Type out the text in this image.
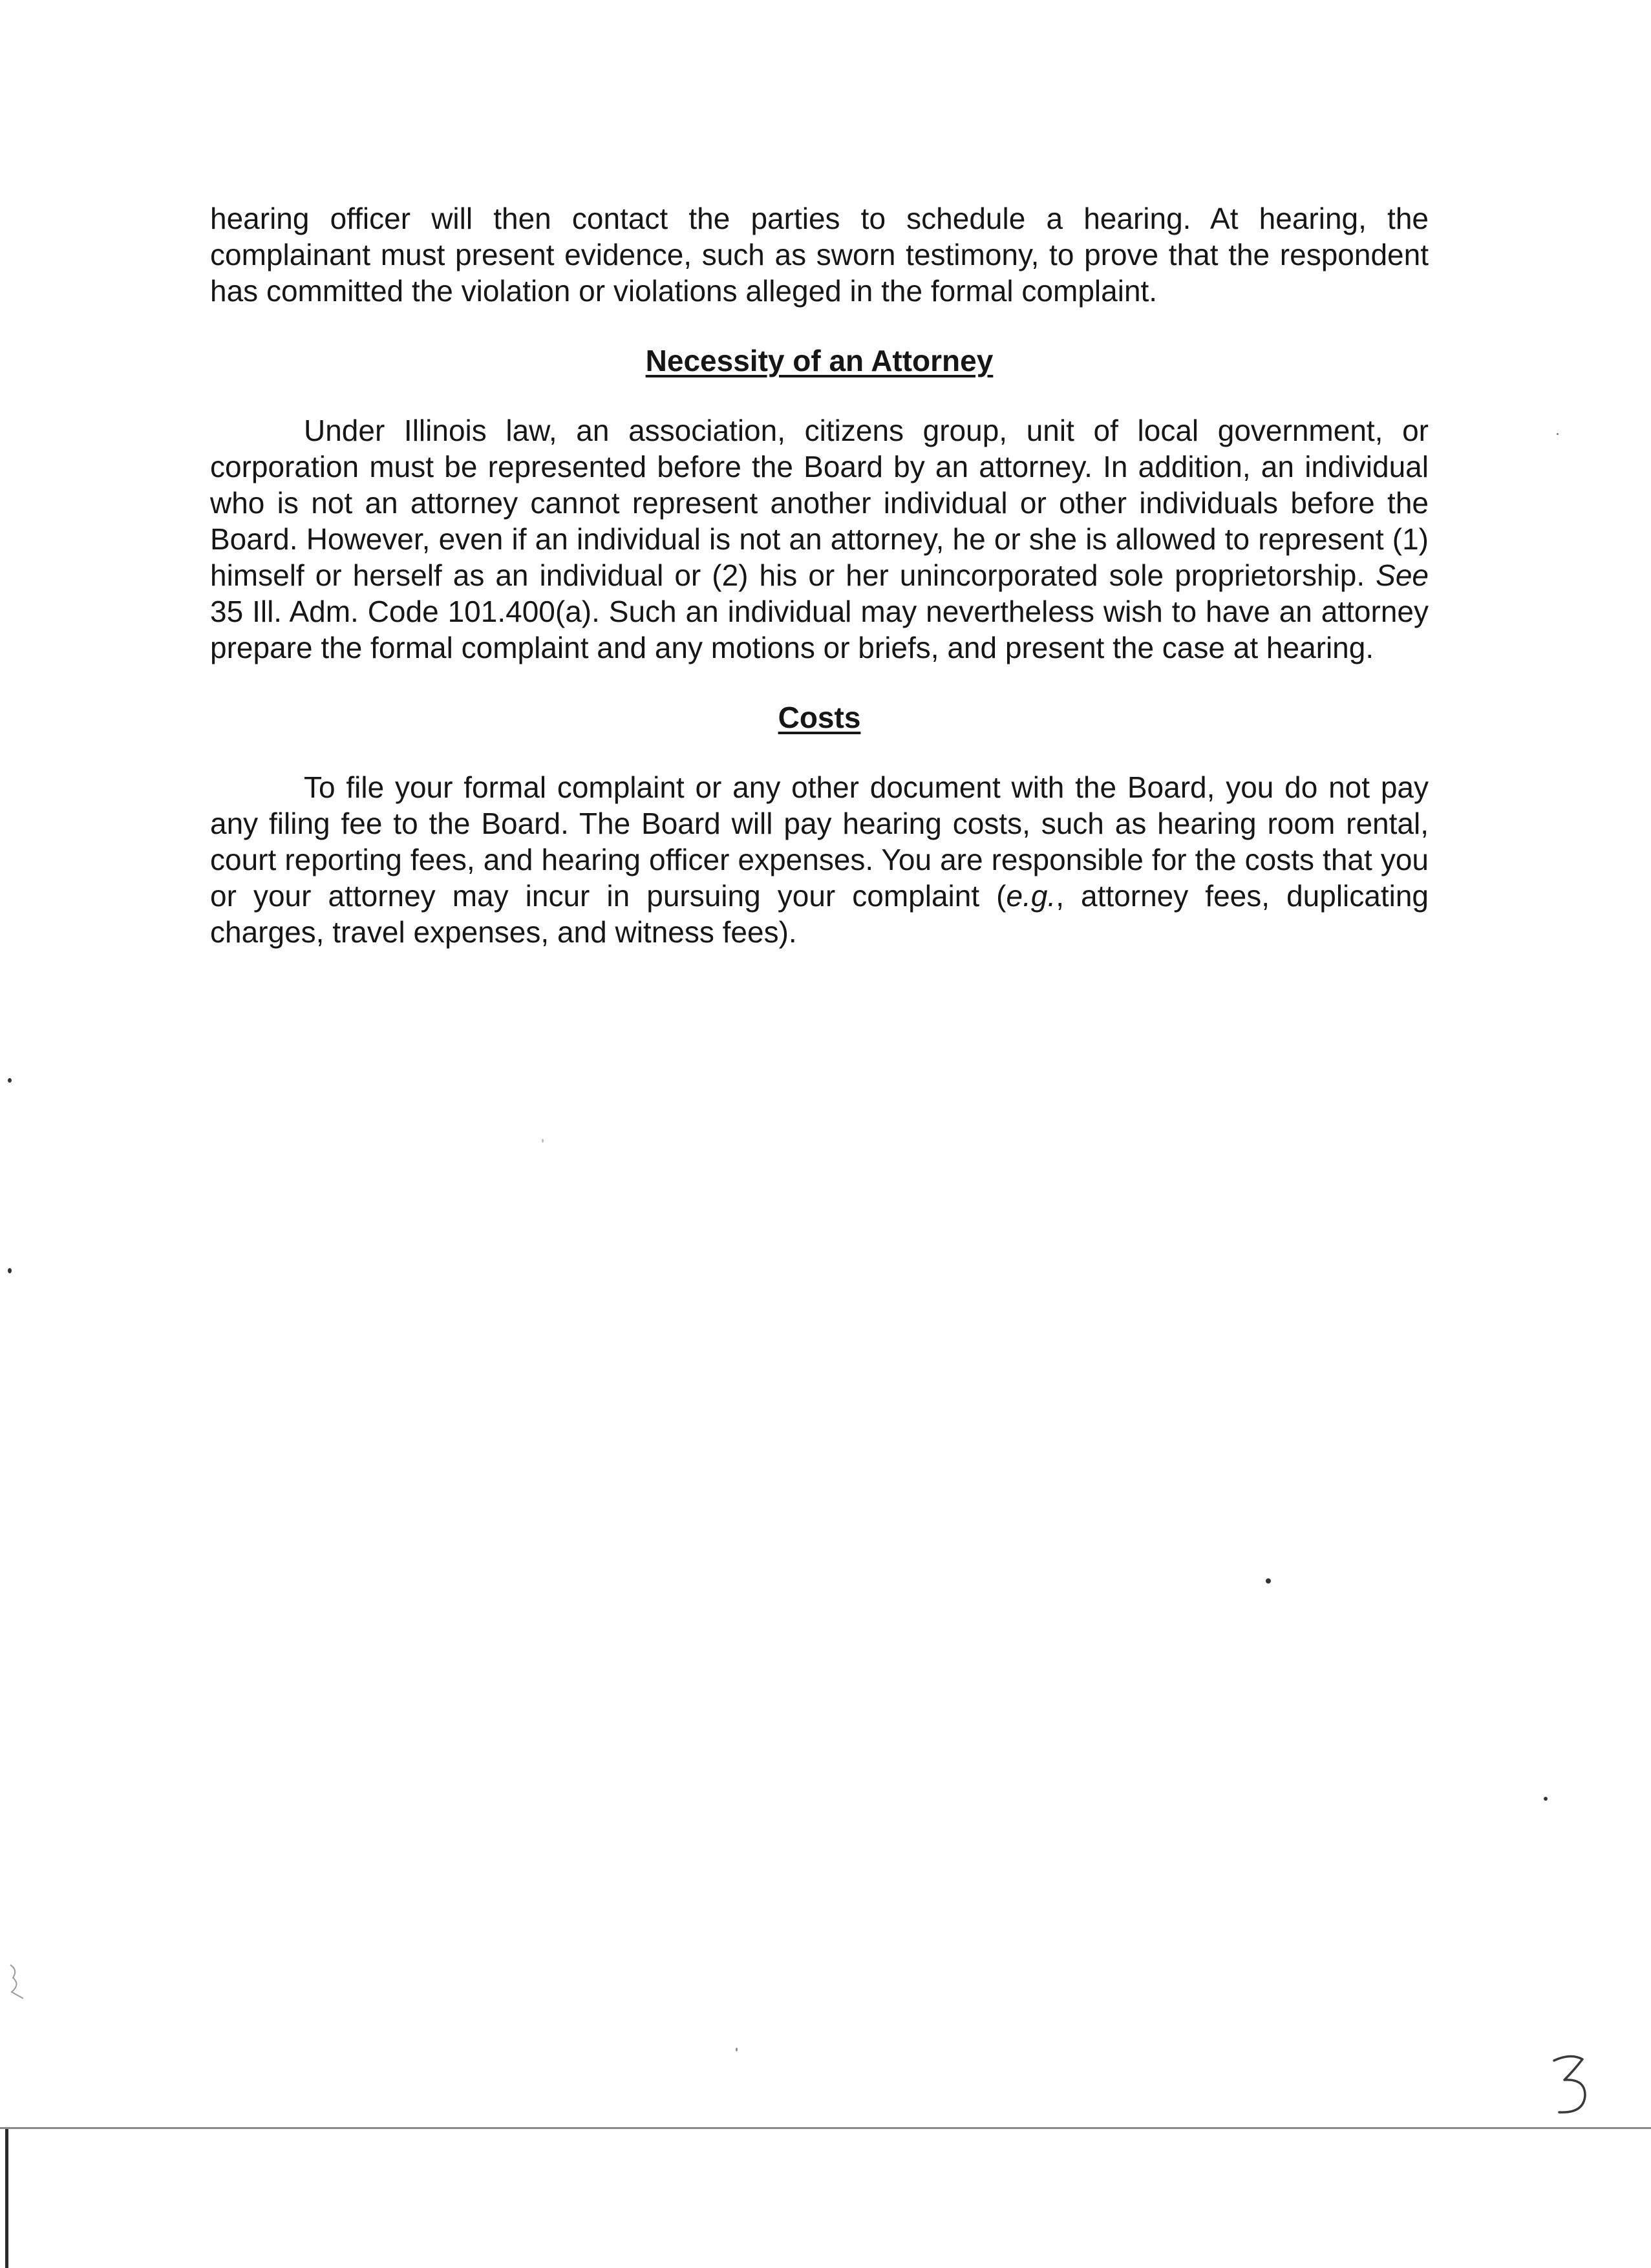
hearing officer will then contact the parties to schedule a hearing. At hearing, the complainant must present evidence, such as sworn testimony, to prove that the respondent has committed the violation or violations alleged in the formal complaint.

Necessity of an Attorney

Under Illinois law, an association, citizens group, unit of local government, or corporation must be represented before the Board by an attorney. In addition, an individual who is not an attorney cannot represent another individual or other individuals before the Board. However, even if an individual is not an attorney, he or she is allowed to represent (1) himself or herself as an individual or (2) his or her unincorporated sole proprietorship. See 35 Ill. Adm. Code 101.400(a). Such an individual may nevertheless wish to have an attorney prepare the formal complaint and any motions or briefs, and present the case at hearing.

Costs

To file your formal complaint or any other document with the Board, you do not pay any filing fee to the Board. The Board will pay hearing costs, such as hearing room rental, court reporting fees, and hearing officer expenses. You are responsible for the costs that you or your attorney may incur in pursuing your complaint (e.g., attorney fees, duplicating charges, travel expenses, and witness fees).
